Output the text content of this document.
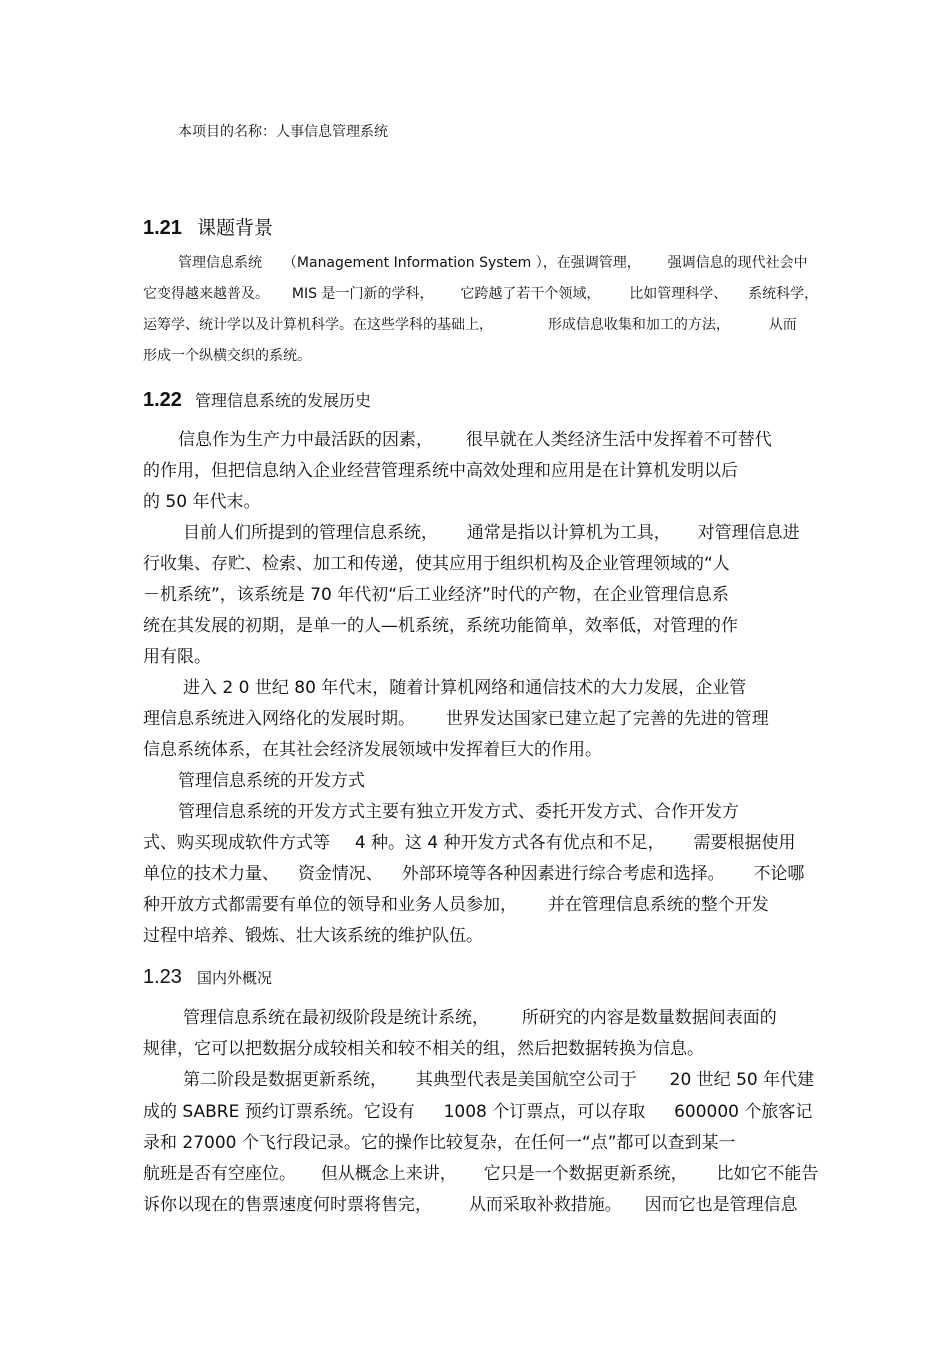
本项目的名称：人事信息管理系统
1.21 课题背景
管理信息系统 （Management Information System ），在强调管理， 强调信息的现代社会中
它变得越来越普及。 MIS 是一门新的学科， 它跨越了若干个领域， 比如管理科学、 系统科学，
运筹学、统计学以及计算机科学。在这些学科的基础上，	形成信息收集和加工的方法，	从而
形成一个纵横交织的系统。
1.22 管理信息系统的发展历史
信息作为生产力中最活跃的因素， 很早就在人类经济生活中发挥着不可替代
的作用，但把信息纳入企业经营管理系统中高效处理和应用是在计算机发明以后
的 50 年代末。
目前人们所提到的管理信息系统， 通常是指以计算机为工具， 对管理信息进
行收集、存贮、检索、加工和传递，使其应用于组织机构及企业管理领域的“人
－机系统”，该系统是 70 年代初“后工业经济”时代的产物，在企业管理信息系
统在其发展的初期，是单一的人—机系统，系统功能简单，效率低，对管理的作
用有限。
进入 2 0 世纪 80 年代末，随着计算机网络和通信技术的大力发展，企业管
理信息系统进入网络化的发展时期。 世界发达国家已建立起了完善的先进的管理
信息系统体系，在其社会经济发展领域中发挥着巨大的作用。
管理信息系统的开发方式
管理信息系统的开发方式主要有独立开发方式、委托开发方式、合作开发方
式、购买现成软件方式等 4 种。这 4 种开发方式各有优点和不足， 需要根据使用
单位的技术力量、 资金情况、 外部环境等各种因素进行综合考虑和选择。 不论哪
种开放方式都需要有单位的领导和业务人员参加， 并在管理信息系统的整个开发
过程中培养、锻炼、壮大该系统的维护队伍。
1.23 国内外概况
管理信息系统在最初级阶段是统计系统， 所研究的内容是数量数据间表面的
规律，它可以把数据分成较相关和较不相关的组，然后把数据转换为信息。
第二阶段是数据更新系统， 其典型代表是美国航空公司于 20 世纪 50 年代建
成的 SABRE 预约订票系统。它设有 1008 个订票点，可以存取 600000 个旅客记
录和 27000 个飞行段记录。它的操作比较复杂，在任何一“点”都可以查到某一
航班是否有空座位。 但从概念上来讲， 它只是一个数据更新系统， 比如它不能告
诉你以现在的售票速度何时票将售完， 从而采取补救措施。 因而它也是管理信息
